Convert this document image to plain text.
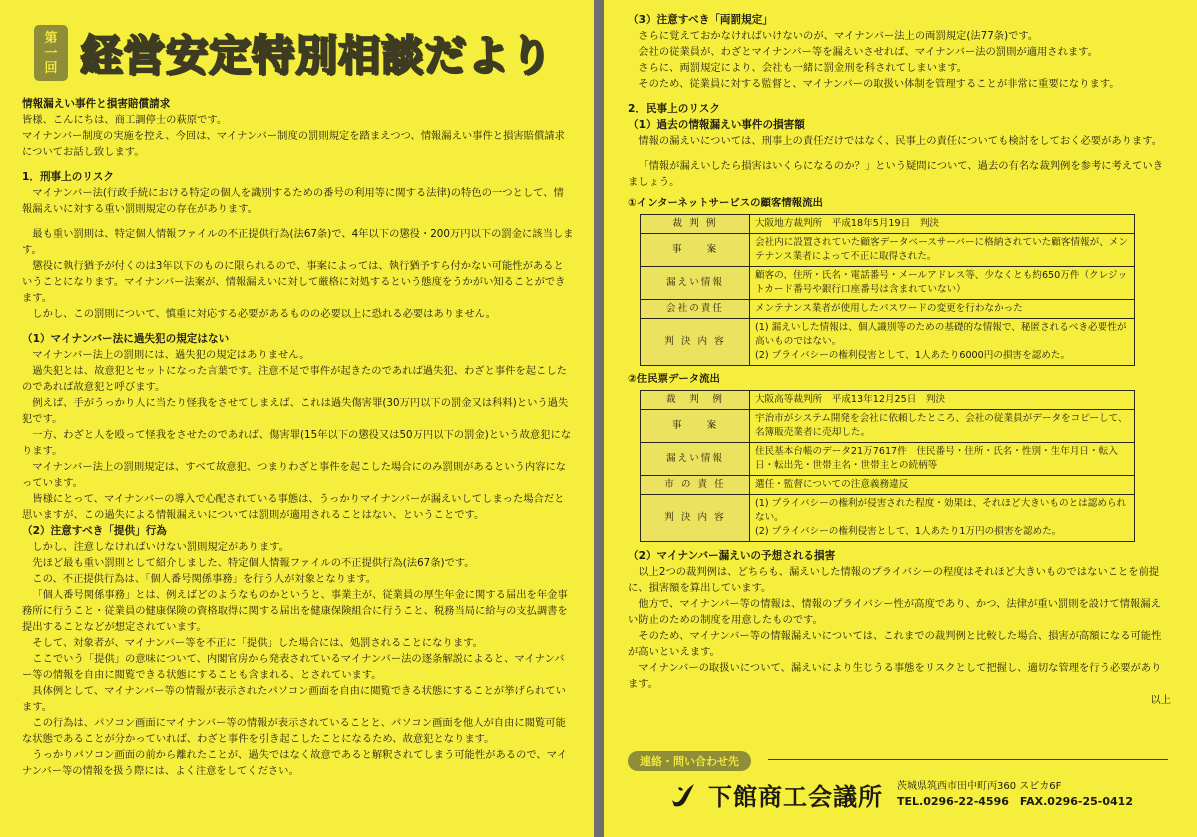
第
一
回 経営安定特別相談だより

情報漏えい事件と損害賠償請求

皆様、こんにちは、商工調停士の萩原です。

マイナンバー制度の実施を控え、今回は、マイナンバー制度の罰則規定を踏まえつつ、情報漏えい事件と損害賠償請求についてお話し致します。

1．刑事上のリスク

マイナンバー法(行政手続における特定の個人を識別するための番号の利用等に関する法律)の特色の一つとして、情報漏えいに対する重い罰則規定の存在があります。

最も重い罰則は、特定個人情報ファイルの不正提供行為(法67条)で、4年以下の懲役・200万円以下の罰金に該当します。

懲役に執行猶予が付くのは3年以下のものに限られるので、事案によっては、執行猶予すら付かない可能性があるということになります。マイナンバー法案が、情報漏えいに対して厳格に対処するという態度をうかがい知ることができます。

しかし、この罰則について、慎重に対応する必要があるものの必要以上に恐れる必要はありません。

（1）マイナンバー法に過失犯の規定はない

マイナンバー法上の罰則には、過失犯の規定はありません。

過失犯とは、故意犯とセットになった言葉です。注意不足で事件が起きたのであれば過失犯、わざと事件を起こしたのであれば故意犯と呼びます。

例えば、手がうっかり人に当たり怪我をさせてしまえば、これは過失傷害罪(30万円以下の罰金又は科料)という過失犯です。

一方、わざと人を殴って怪我をさせたのであれば、傷害罪(15年以下の懲役又は50万円以下の罰金)という故意犯になります。

マイナンバー法上の罰則規定は、すべて故意犯、つまりわざと事件を起こした場合にのみ罰則があるという内容になっています。

皆様にとって、マイナンバーの導入で心配されている事態は、うっかりマイナンバーが漏えいしてしまった場合だと思いますが、この過失による情報漏えいについては罰則が適用されることはない、ということです。

（2）注意すべき「提供」行為

しかし、注意しなければいけない罰則規定があります。

先ほど最も重い罰則として紹介しました、特定個人情報ファイルの不正提供行為(法67条)です。

この、不正提供行為は、「個人番号関係事務」を行う人が対象となります。

「個人番号関係事務」とは、例えばどのようなものかというと、事業主が、従業員の厚生年金に関する届出を年金事務所に行うこと・従業員の健康保険の資格取得に関する届出を健康保険組合に行うこと、税務当局に給与の支払調書を提出することなどが想定されています。

そして、対象者が、マイナンバー等を不正に「提供」した場合には、処罰されることになります。

ここでいう「提供」の意味について、内閣官房から発表されているマイナンバー法の逐条解説によると、マイナンバー等の情報を自由に閲覧できる状態にすることも含まれる、とされています。

具体例として、マイナンバー等の情報が表示されたパソコン画面を自由に閲覧できる状態にすることが挙げられています。

この行為は、パソコン画面にマイナンバー等の情報が表示されていることと、パソコン画面を他人が自由に閲覧可能な状態であることが分かっていれば、わざと事件を引き起こしたことになるため、故意犯となります。

うっかりパソコン画面の前から離れたことが、過失ではなく故意であると解釈されてしまう可能性があるので、マイナンバー等の情報を扱う際には、よく注意をしてください。

（3）注意すべき「両罰規定」

さらに覚えておかなければいけないのが、マイナンバー法上の両罰規定(法77条)です。

会社の従業員が、わざとマイナンバー等を漏えいさせれば、マイナンバー法の罰則が適用されます。

さらに、両罰規定により、会社も一緒に罰金刑を科されてしまいます。

そのため、従業員に対する監督と、マイナンバーの取扱い体制を管理することが非常に重要になります。

2．民事上のリスク

（1）過去の情報漏えい事件の損害額

情報の漏えいについては、刑事上の責任だけではなく、民事上の責任についても検討をしておく必要があります。

「情報が漏えいしたら損害はいくらになるのか？」という疑問について、過去の有名な裁判例を参考に考えていきましょう。

①インターネットサービスの顧客情報流出

裁 判 例	大阪地方裁判所　平成18年5月19日　判決
事　　案	会社内に設置されていた顧客データベースサーバーに格納されていた顧客情報が、メンテナンス業者によって不正に取得された。
漏えい情報	顧客の、住所・氏名・電話番号・メールアドレス等、少なくとも約650万件（クレジットカード番号や銀行口座番号は含まれていない）
会社の責任	メンテナンス業者が使用したパスワードの変更を行わなかった
判 決 内 容	(1) 漏えいした情報は、個人識別等のための基礎的な情報で、秘匿されるべき必要性が高いものではない。
(2) プライバシーの権利侵害として、1人あたり6000円の損害を認めた。

②住民票データ流出

裁　判　例	大阪高等裁判所　平成13年12月25日　判決
事　　案	宇治市がシステム開発を会社に依頼したところ、会社の従業員がデータをコピーして、名簿販売業者に売却した。
漏えい情報	住民基本台帳のデータ21万7617件　住民番号・住所・氏名・性別・生年月日・転入日・転出先・世帯主名・世帯主との続柄等
市 の 責 任	選任・監督についての注意義務違反
判 決 内 容	(1) プライバシーの権利が侵害された程度・効果は、それほど大きいものとは認められない。
(2) プライバシーの権利侵害として、1人あたり1万円の損害を認めた。

（2）マイナンバー漏えいの予想される損害

以上2つの裁判例は、どちらも、漏えいした情報のプライバシーの程度はそれほど大きいものではないことを前提に、損害額を算出しています。

他方で、マイナンバー等の情報は、情報のプライバシー性が高度であり、かつ、法律が重い罰則を設けて情報漏えい防止のための制度を用意したものです。

そのため、マイナンバー等の情報漏えいについては、これまでの裁判例と比較した場合、損害が高額になる可能性が高いといえます。

マイナンバーの取扱いについて、漏えいにより生じうる事態をリスクとして把握し、適切な管理を行う必要があります。

以上

連絡・問い合わせ先
下館商工会議所 茨城県筑西市田中町丙360 スピカ6F
TEL.0296-22-4596　FAX.0296-25-0412
